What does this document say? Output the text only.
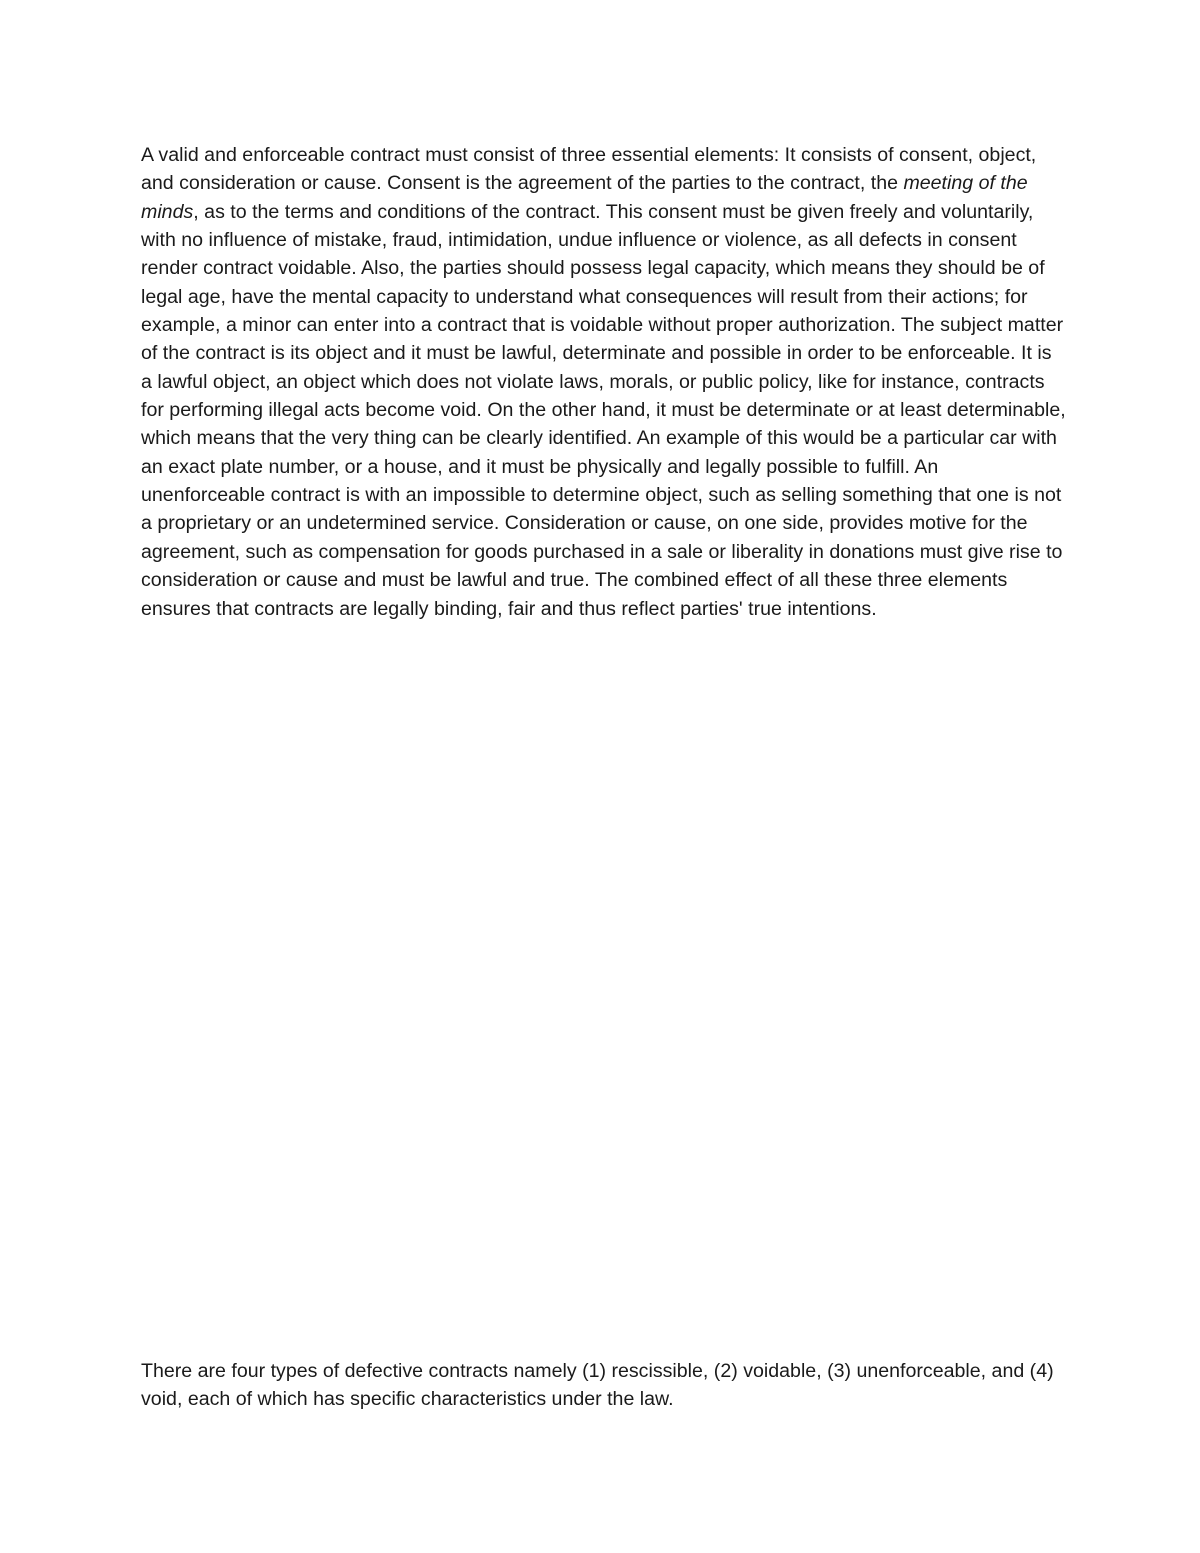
A valid and enforceable contract must consist of three essential elements: It consists of consent, object, and consideration or cause. Consent is the agreement of the parties to the contract, the meeting of the minds, as to the terms and conditions of the contract. This consent must be given freely and voluntarily, with no influence of mistake, fraud, intimidation, undue influence or violence, as all defects in consent render contract voidable. Also, the parties should possess legal capacity, which means they should be of legal age, have the mental capacity to understand what consequences will result from their actions; for example, a minor can enter into a contract that is voidable without proper authorization. The subject matter of the contract is its object and it must be lawful, determinate and possible in order to be enforceable. It is a lawful object, an object which does not violate laws, morals, or public policy, like for instance, contracts for performing illegal acts become void. On the other hand, it must be determinate or at least determinable, which means that the very thing can be clearly identified. An example of this would be a particular car with an exact plate number, or a house, and it must be physically and legally possible to fulfill. An unenforceable contract is with an impossible to determine object, such as selling something that one is not a proprietary or an undetermined service. Consideration or cause, on one side, provides motive for the agreement, such as compensation for goods purchased in a sale or liberality in donations must give rise to consideration or cause and must be lawful and true. The combined effect of all these three elements ensures that contracts are legally binding, fair and thus reflect parties' true intentions.

There are four types of defective contracts namely (1) rescissible, (2) voidable, (3) unenforceable, and (4) void, each of which has specific characteristics under the law.
